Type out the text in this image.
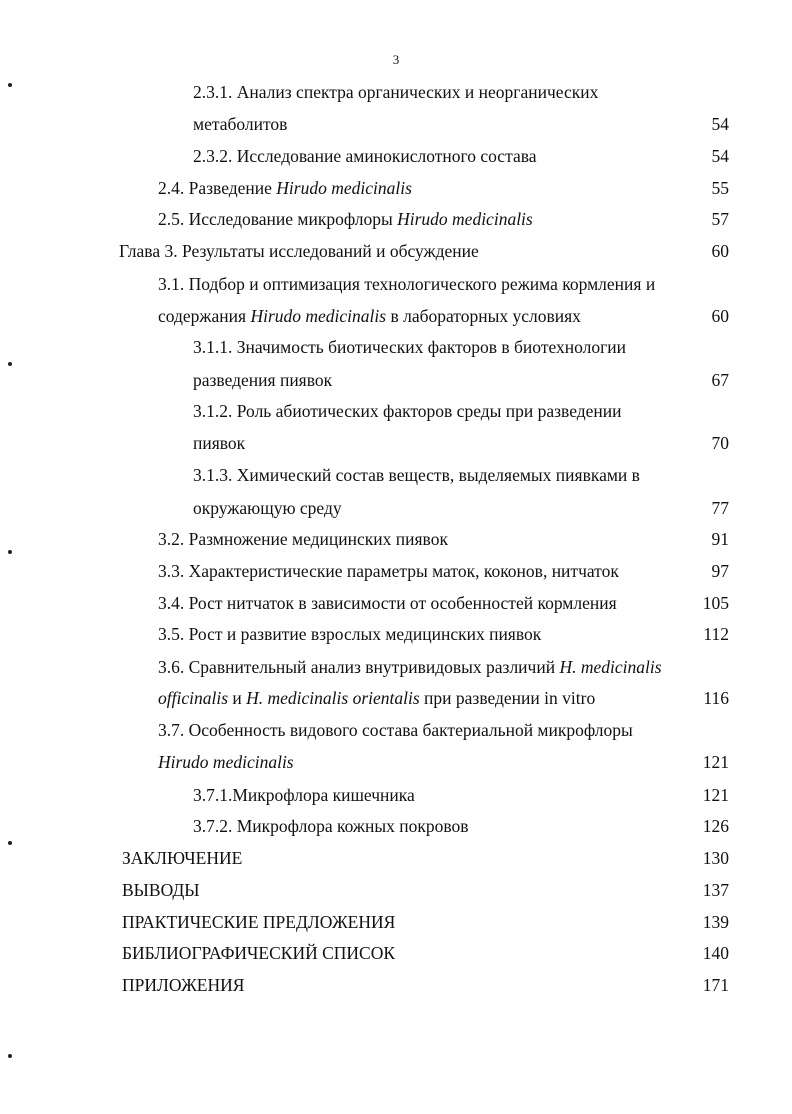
3
2.3.1. Анализ спектра органических и неорганических
метаболитов	54
2.3.2. Исследование аминокислотного состава	54
2.4. Разведение Hirudo medicinalis	55
2.5. Исследование микрофлоры Hirudo medicinalis	57
Глава 3. Результаты исследований и обсуждение	60
3.1. Подбор и оптимизация технологического режима кормления и
содержания Hirudo medicinalis в лабораторных условиях	60
3.1.1. Значимость биотических факторов в биотехнологии
разведения пиявок	67
3.1.2. Роль абиотических факторов среды при разведении
пиявок	70
3.1.3. Химический состав веществ, выделяемых пиявками в
окружающую среду	77
3.2. Размножение медицинских пиявок	91
3.3. Характеристические параметры маток, коконов, нитчаток	97
3.4. Рост нитчаток в зависимости от особенностей кормления	105
3.5. Рост и развитие взрослых медицинских пиявок	112
3.6. Сравнительный анализ внутривидовых различий H. medicinalis
officinalis и H. medicinalis orientalis при разведении in vitro	116
3.7. Особенность видового состава бактериальной микрофлоры
Hirudo medicinalis	121
3.7.1.Микрофлора кишечника	121
3.7.2. Микрофлора кожных покровов	126
ЗАКЛЮЧЕНИЕ	130
ВЫВОДЫ	137
ПРАКТИЧЕСКИЕ ПРЕДЛОЖЕНИЯ	139
БИБЛИОГРАФИЧЕСКИЙ СПИСОК	140
ПРИЛОЖЕНИЯ	171
